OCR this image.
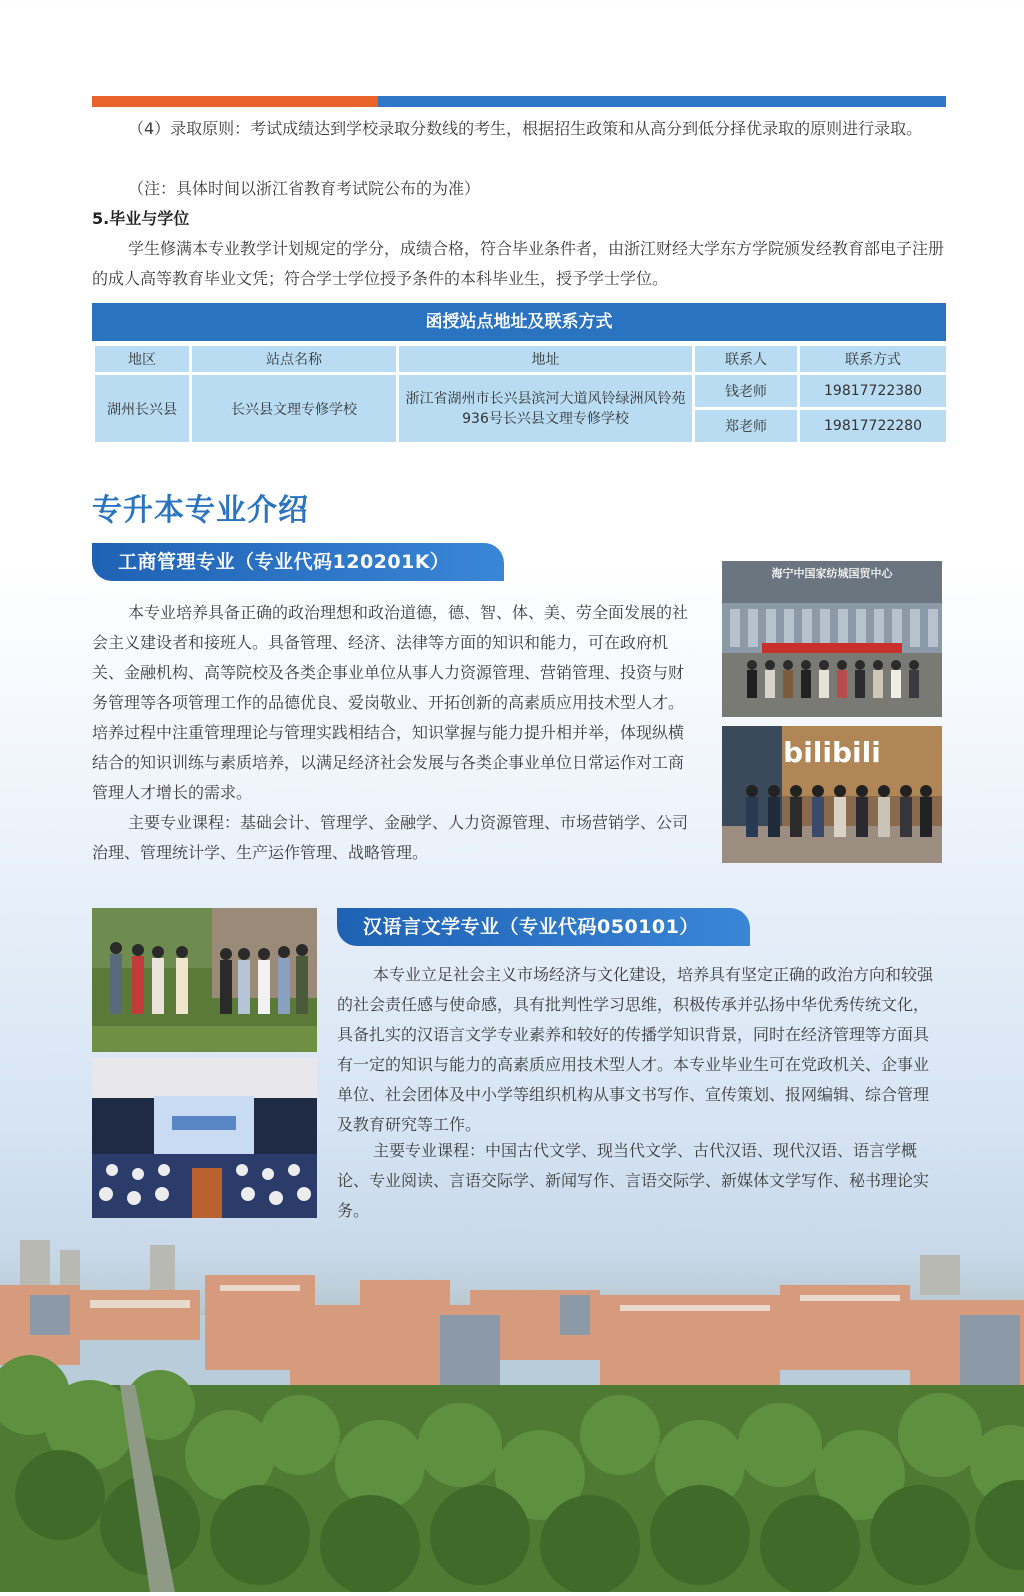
（4）录取原则：考试成绩达到学校录取分数线的考生，根据招生政策和从高分到低分择优录取的原则进行录取。
（注：具体时间以浙江省教育考试院公布的为准）
5.毕业与学位
学生修满本专业教学计划规定的学分，成绩合格，符合毕业条件者，由浙江财经大学东方学院颁发经教育部电子注册的成人高等教育毕业文凭；符合学士学位授予条件的本科毕业生，授予学士学位。
函授站点地址及联系方式
地区	站点名称	地址	联系人	联系方式
湖州长兴县	长兴县文理专修学校	浙江省湖州市长兴县滨河大道风铃绿洲风铃苑936号长兴县文理专修学校	钱老师	19817722380
			郑老师	19817722280
专升本专业介绍
工商管理专业（专业代码120201K）
本专业培养具备正确的政治理想和政治道德，德、智、体、美、劳全面发展的社会主义建设者和接班人。具备管理、经济、法律等方面的知识和能力，可在政府机关、金融机构、高等院校及各类企事业单位从事人力资源管理、营销管理、投资与财务管理等各项管理工作的品德优良、爱岗敬业、开拓创新的高素质应用技术型人才。培养过程中注重管理理论与管理实践相结合，知识掌握与能力提升相并举，体现纵横结合的知识训练与素质培养，以满足经济社会发展与各类企事业单位日常运作对工商管理人才增长的需求。
主要专业课程：基础会计、管理学、金融学、人力资源管理、市场营销学、公司治理、管理统计学、生产运作管理、战略管理。
海宁中国家纺城国贸中心
bilibili
汉语言文学专业（专业代码050101）
本专业立足社会主义市场经济与文化建设，培养具有坚定正确的政治方向和较强的社会责任感与使命感，具有批判性学习思维，积极传承并弘扬中华优秀传统文化，具备扎实的汉语言文学专业素养和较好的传播学知识背景，同时在经济管理等方面具有一定的知识与能力的高素质应用技术型人才。本专业毕业生可在党政机关、企事业单位、社会团体及中小学等组织机构从事文书写作、宣传策划、报网编辑、综合管理及教育研究等工作。
主要专业课程：中国古代文学、现当代文学、古代汉语、现代汉语、语言学概论、专业阅读、言语交际学、新闻写作、言语交际学、新媒体文学写作、秘书理论实务。
